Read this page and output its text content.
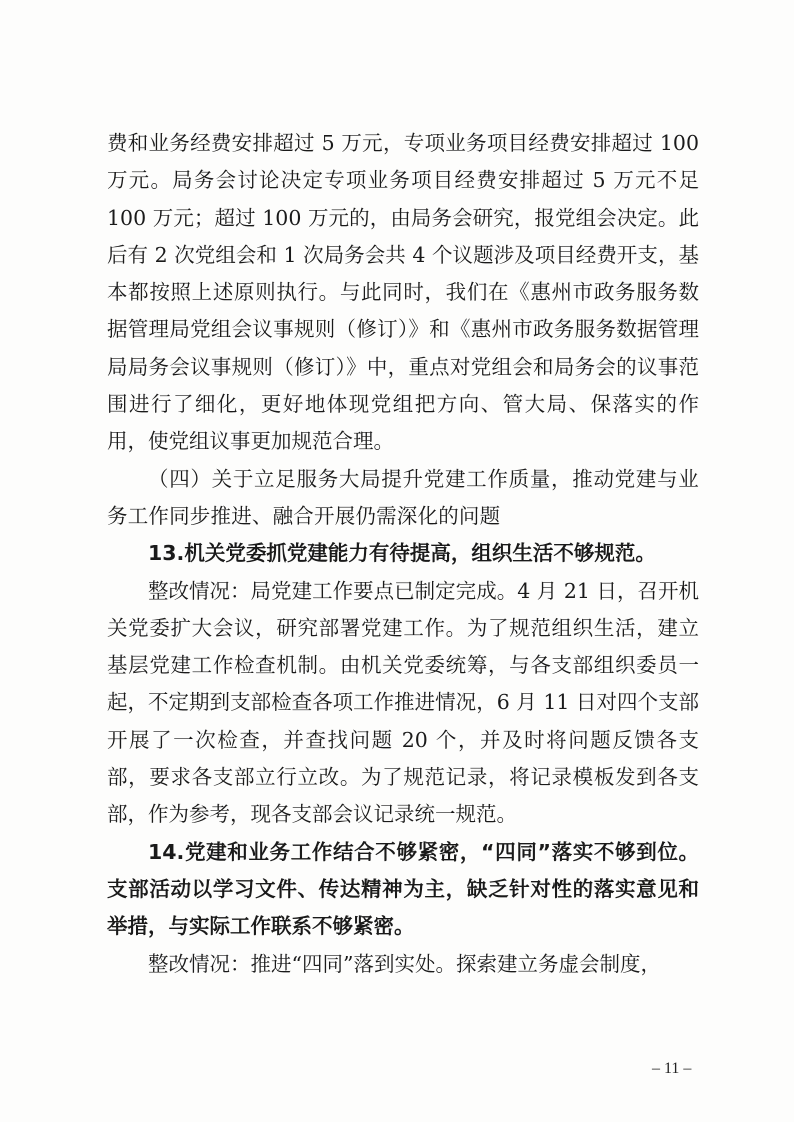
费和业务经费安排超过 5 万元，专项业务项目经费安排超过 100 万元。局务会讨论决定专项业务项目经费安排超过 5 万元不足 100 万元；超过 100 万元的，由局务会研究，报党组会决定。此后有 2 次党组会和 1 次局务会共 4 个议题涉及项目经费开支，基本都按照上述原则执行。与此同时，我们在《惠州市政务服务数据管理局党组会议事规则（修订）》和《惠州市政务服务数据管理局局务会议事规则（修订）》中，重点对党组会和局务会的议事范围进行了细化，更好地体现党组把方向、管大局、保落实的作用，使党组议事更加规范合理。

（四）关于立足服务大局提升党建工作质量，推动党建与业务工作同步推进、融合开展仍需深化的问题

13.机关党委抓党建能力有待提高，组织生活不够规范。

整改情况：局党建工作要点已制定完成。4 月 21 日，召开机关党委扩大会议，研究部署党建工作。为了规范组织生活，建立基层党建工作检查机制。由机关党委统筹，与各支部组织委员一起，不定期到支部检查各项工作推进情况，6 月 11 日对四个支部开展了一次检查，并查找问题 20 个，并及时将问题反馈各支部，要求各支部立行立改。为了规范记录，将记录模板发到各支部，作为参考，现各支部会议记录统一规范。

14.党建和业务工作结合不够紧密，“四同”落实不够到位。支部活动以学习文件、传达精神为主，缺乏针对性的落实意见和举措，与实际工作联系不够紧密。

整改情况：推进“四同”落到实处。探索建立务虚会制度，

– 11 –
